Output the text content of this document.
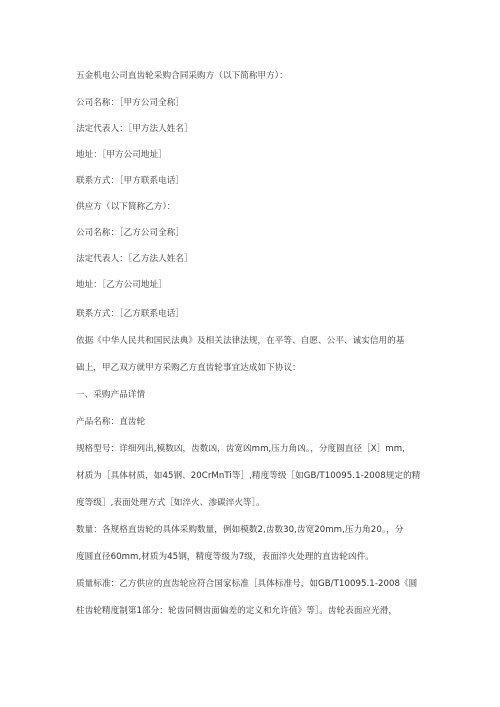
五金机电公司直齿轮采购合同采购方（以下简称甲方）：
公司名称：［甲方公司全称］
法定代表人：［甲方法人姓名］
地址：［甲方公司地址］
联系方式：［甲方联系电话］
供应方（以下简称乙方）：
公司名称：［乙方公司全称］
法定代表人：［乙方法人姓名］
地址：［乙方公司地址］
联系方式：［乙方联系电话］
依据《中华人民共和国民法典》及相关法律法规，在平等、自愿、公平、诚实信用的基
础上，甲乙双方就甲方采购乙方直齿轮事宜达成如下协议：
一、采购产品详情
产品名称：直齿轮
规格型号：详细列出,模数凶，齿数凶，齿宽凶mm,压力角凶。，分度圆直径［X］mm,
材质为［具体材质，如45钢、20CrMnTi等］,精度等级［如GB/T10095.1-2008规定的精
度等级］,表面处理方式［如淬火、渗碳淬火等］。
数量：各规格直齿轮的具体采购数量，例如模数2,齿数30,齿宽20mm,压力角20。，分
度圆直径60mm,材质为45钢，精度等级为7级，表面淬火处理的直齿轮凶件。
质量标准：乙方供应的直齿轮应符合国家标准［具体标准号，如GB/T10095.1-2008《圆
柱齿轮精度制第1部分：轮齿同侧齿面偏差的定义和允许值》等］。齿轮表面应光滑，
